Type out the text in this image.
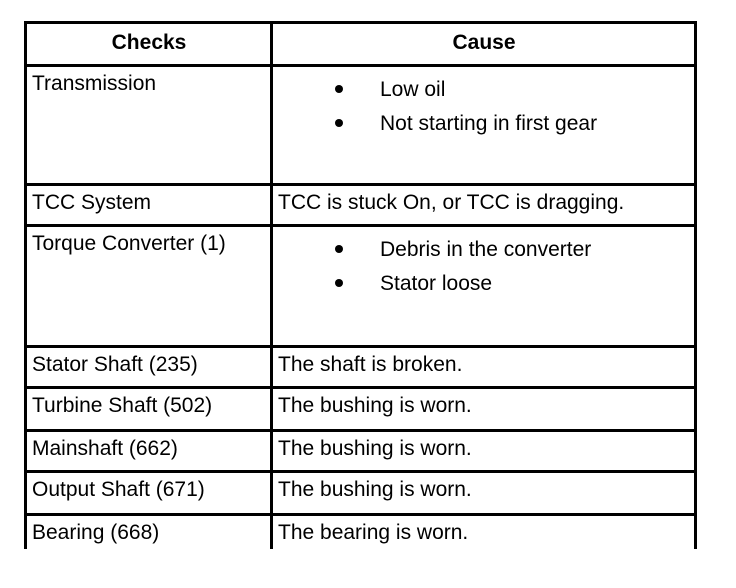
Checks	Cause
Transmission	Low oil
Not starting in first gear
TCC System	TCC is stuck On, or TCC is dragging.
Torque Converter (1)	Debris in the converter
Stator loose
Stator Shaft (235)	The shaft is broken.
Turbine Shaft (502)	The bushing is worn.
Mainshaft (662)	The bushing is worn.
Output Shaft (671)	The bushing is worn.
Bearing (668)	The bearing is worn.
